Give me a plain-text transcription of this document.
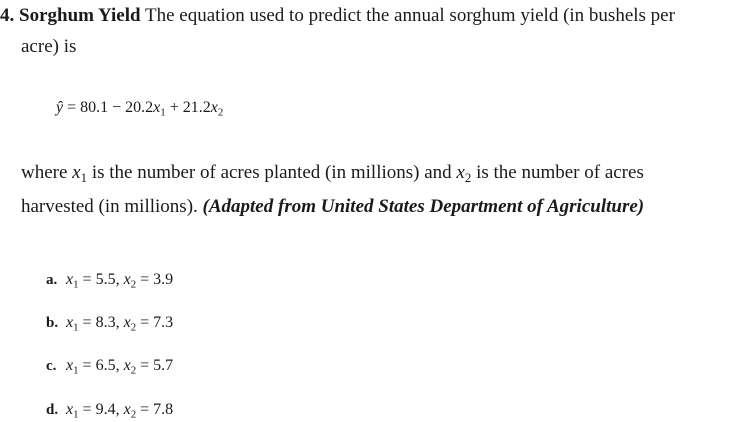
4. Sorghum Yield The equation used to predict the annual sorghum yield (in bushels per
acre) is
ŷ = $80.1 - 20.2x_1 + 21.2x_2$
where $x_1$ is the number of acres planted (in millions) and $x_2$ is the number of acres
harvested (in millions). (Adapted from United States Department of Agriculture)
a. $x_1 = 5.5$, $x_2 = 3.9$
b. $x_1 = 8.3$, $x_2 = 7.3$
c. $x_1 = 6.5$, $x_2 = 5.7$
d. $x_1 = 9.4$, $x_2 = 7.8$
